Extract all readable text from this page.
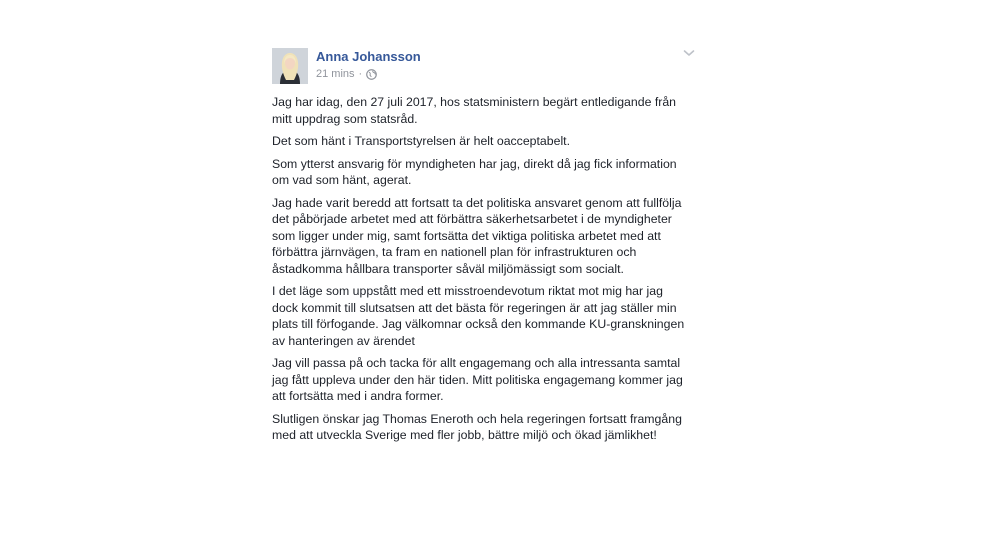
Anna Johansson
21 mins ·

Jag har idag, den 27 juli 2017, hos statsministern begärt entledigande från
mitt uppdrag som statsråd.

Det som hänt i Transportstyrelsen är helt oacceptabelt.

Som ytterst ansvarig för myndigheten har jag, direkt då jag fick information
om vad som hänt, agerat.

Jag hade varit beredd att fortsatt ta det politiska ansvaret genom att fullfölja
det påbörjade arbetet med att förbättra säkerhetsarbetet i de myndigheter
som ligger under mig, samt fortsätta det viktiga politiska arbetet med att
förbättra järnvägen, ta fram en nationell plan för infrastrukturen och
åstadkomma hållbara transporter såväl miljömässigt som socialt.

I det läge som uppstått med ett misstroendevotum riktat mot mig har jag
dock kommit till slutsatsen att det bästa för regeringen är att jag ställer min
plats till förfogande. Jag välkomnar också den kommande KU-granskningen
av hanteringen av ärendet

Jag vill passa på och tacka för allt engagemang och alla intressanta samtal
jag fått uppleva under den här tiden. Mitt politiska engagemang kommer jag
att fortsätta med i andra former.

Slutligen önskar jag Thomas Eneroth och hela regeringen fortsatt framgång
med att utveckla Sverige med fler jobb, bättre miljö och ökad jämlikhet!
